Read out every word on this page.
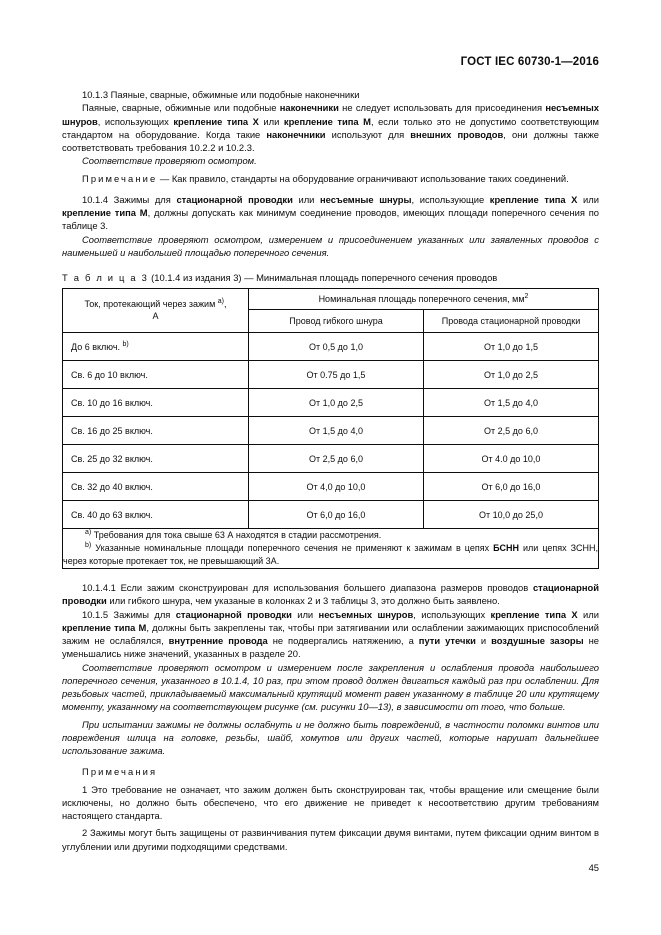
ГОСТ IEC 60730-1—2016

10.1.3 Паяные, сварные, обжимные или подобные наконечники

Паяные, сварные, обжимные или подобные наконечники не следует использовать для присоединения несъемных шнуров, использующих крепление типа Х или крепление типа М, если только это не допустимо соответствующим стандартом на оборудование. Когда такие наконечники используют для внешних проводов, они должны также соответствовать требования 10.2.2 и 10.2.3.

Соответствие проверяют осмотром.

Примечание — Как правило, стандарты на оборудование ограничивают использование таких соединений.

10.1.4 Зажимы для стационарной проводки или несъемные шнуры, использующие крепление типа Х или крепление типа М, должны допускать как минимум соединение проводов, имеющих площади поперечного сечения по таблице 3.

Соответствие проверяют осмотром, измерением и присоединением указанных или заявленных проводов с наименьшей и наибольшей площадью поперечного сечения.

Т а б л и ц а 3 (10.1.4 из издания 3) — Минимальная площадь поперечного сечения проводов

Ток, протекающий через зажим $^{a)}$,
A	Номинальная площадь поперечного сечения, $мм^2$
	Провод гибкого шнура	Провода стационарной проводки
До 6 включ. $^{b)}$	От 0,5 до 1,0	От 1,0 до 1,5
Св. 6 до 10 включ.	От 0.75 до 1,5	От 1,0 до 2,5
Св. 10 до 16 включ.	От 1,0 до 2,5	От 1,5 до 4,0
Св. 16 до 25 включ.	От 1,5 до 4,0	От 2,5 до 6,0
Св. 25 до 32 включ.	От 2,5 до 6,0	От 4.0 до 10,0
Св. 32 до 40 включ.	От 4,0 до 10,0	От 6,0 до 16,0
Св. 40 до 63 включ.	От 6,0 до 16,0	От 10,0 до 25,0

$^{a)}$ Требования для тока свыше 63 А находятся в стадии рассмотрения.

$^{b)}$ Указанные номинальные площади поперечного сечения не применяют к зажимам в цепях БСНН или цепях ЗСНН, через которые протекает ток, не превышающий 3А.		

10.1.4.1 Если зажим сконструирован для использования большего диапазона размеров проводов стационарной проводки или гибкого шнура, чем указаные в колонках 2 и 3 таблицы 3, это должно быть заявлено.

10.1.5 Зажимы для стационарной проводки или несъемных шнуров, использующих крепление типа Х или крепление типа М, должны быть закреплены так, чтобы при затягивании или ослаблении зажимающих приспособлений зажим не ослаблялся, внутренние провода не подвергались натяжению, а пути утечки и воздушные зазоры не уменьшались ниже значений, указанных в разделе 20.

Соответствие проверяют осмотром и измерением после закрепления и ослабления провода наибольшего поперечного сечения, указанного в 10.1.4, 10 раз, при этом провод должен двигаться каждый раз при ослаблении. Для резьбовых частей, прикладываемый максимальный крутящий момент равен указанному в таблице 20 или крутящему моменту, указанному на соответствующем рисунке (см. рисунки 10—13), в зависимости от того, что больше.

При испытании зажимы не должны ослабнуть и не должно быть повреждений, в частности поломки винтов или повреждения шлица на головке, резьбы, шайб, хомутов или других частей, которые нарушат дальнейшее использование зажима.

Примечания

1 Это требование не означает, что зажим должен быть сконструирован так, чтобы вращение или смещение были исключены, но должно быть обеспечено, что его движение не приведет к несоответствию другим требованиям настоящего стандарта.

2 Зажимы могут быть защищены от развинчивания путем фиксации двумя винтами, путем фиксации одним винтом в углублении или другими подходящими средствами.

45
